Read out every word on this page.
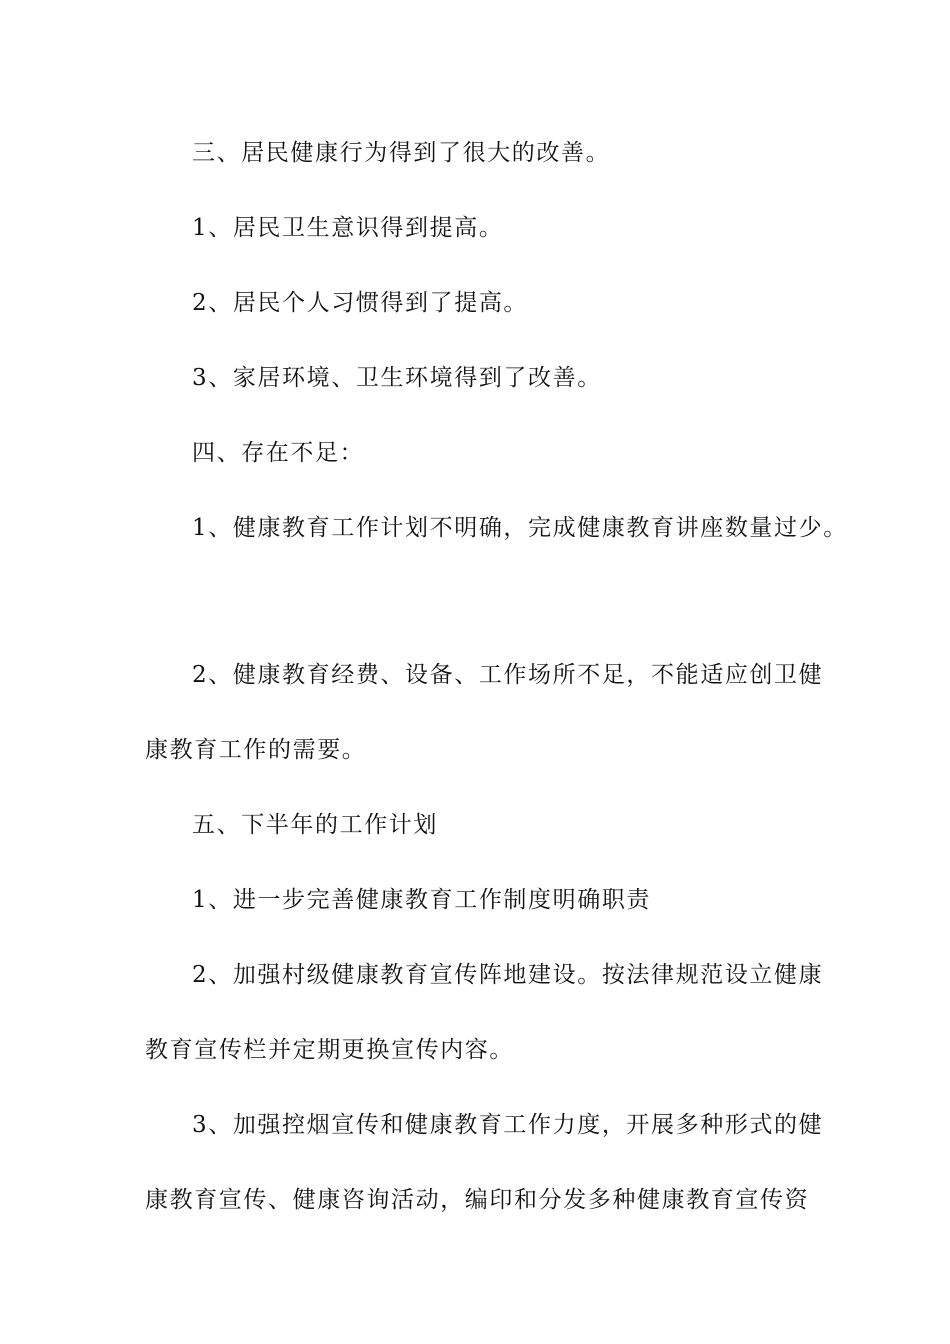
三、居民健康行为得到了很大的改善。
1、居民卫生意识得到提高。
2、居民个人习惯得到了提高。
3、家居环境、卫生环境得到了改善。
四、存在不足：
1、健康教育工作计划不明确，完成健康教育讲座数量过少。
2、健康教育经费、设备、工作场所不足，不能适应创卫健
康教育工作的需要。
五、下半年的工作计划
1、进一步完善健康教育工作制度明确职责
2、加强村级健康教育宣传阵地建设。按法律规范设立健康
教育宣传栏并定期更换宣传内容。
3、加强控烟宣传和健康教育工作力度，开展多种形式的健
康教育宣传、健康咨询活动，编印和分发多种健康教育宣传资
